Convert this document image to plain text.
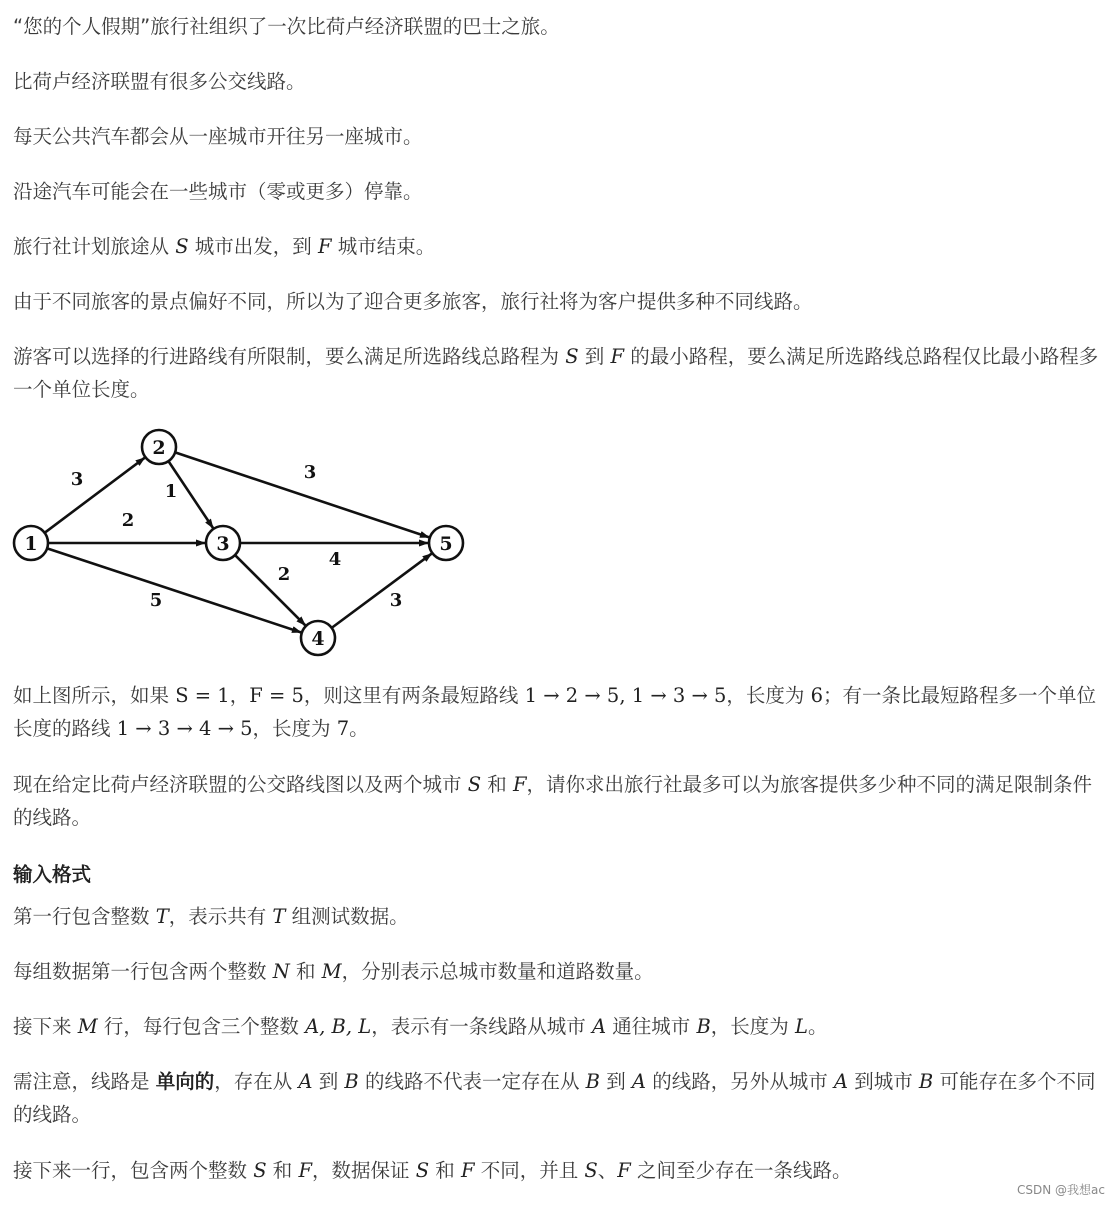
“您的个人假期”旅行社组织了一次比荷卢经济联盟的巴士之旅。

比荷卢经济联盟有很多公交线路。

每天公共汽车都会从一座城市开往另一座城市。

沿途汽车可能会在一些城市（零或更多）停靠。

旅行社计划旅途从 S 城市出发，到 F 城市结束。

由于不同旅客的景点偏好不同，所以为了迎合更多旅客，旅行社将为客户提供多种不同线路。

游客可以选择的行进路线有所限制，要么满足所选路线总路程为 S 到 F 的最小路程，要么满足所选路线总路程仅比最小路程多一个单位长度。

1
2
3
4
5
3
2
5
1
3
4
2
3

如上图所示，如果 S = 1，F = 5，则这里有两条最短路线 1 → 2 → 5, 1 → 3 → 5，长度为 6；有一条比最短路程多一个单位长度的路线 1 → 3 → 4 → 5，长度为 7。

现在给定比荷卢经济联盟的公交路线图以及两个城市 S 和 F，请你求出旅行社最多可以为旅客提供多少种不同的满足限制条件的线路。

输入格式

第一行包含整数 T，表示共有 T 组测试数据。

每组数据第一行包含两个整数 N 和 M，分别表示总城市数量和道路数量。

接下来 M 行，每行包含三个整数 A, B, L，表示有一条线路从城市 A 通往城市 B，长度为 L。

需注意，线路是 单向的，存在从 A 到 B 的线路不代表一定存在从 B 到 A 的线路，另外从城市 A 到城市 B 可能存在多个不同的线路。

接下来一行，包含两个整数 S 和 F，数据保证 S 和 F 不同，并且 S、F 之间至少存在一条线路。

CSDN @我想ac
